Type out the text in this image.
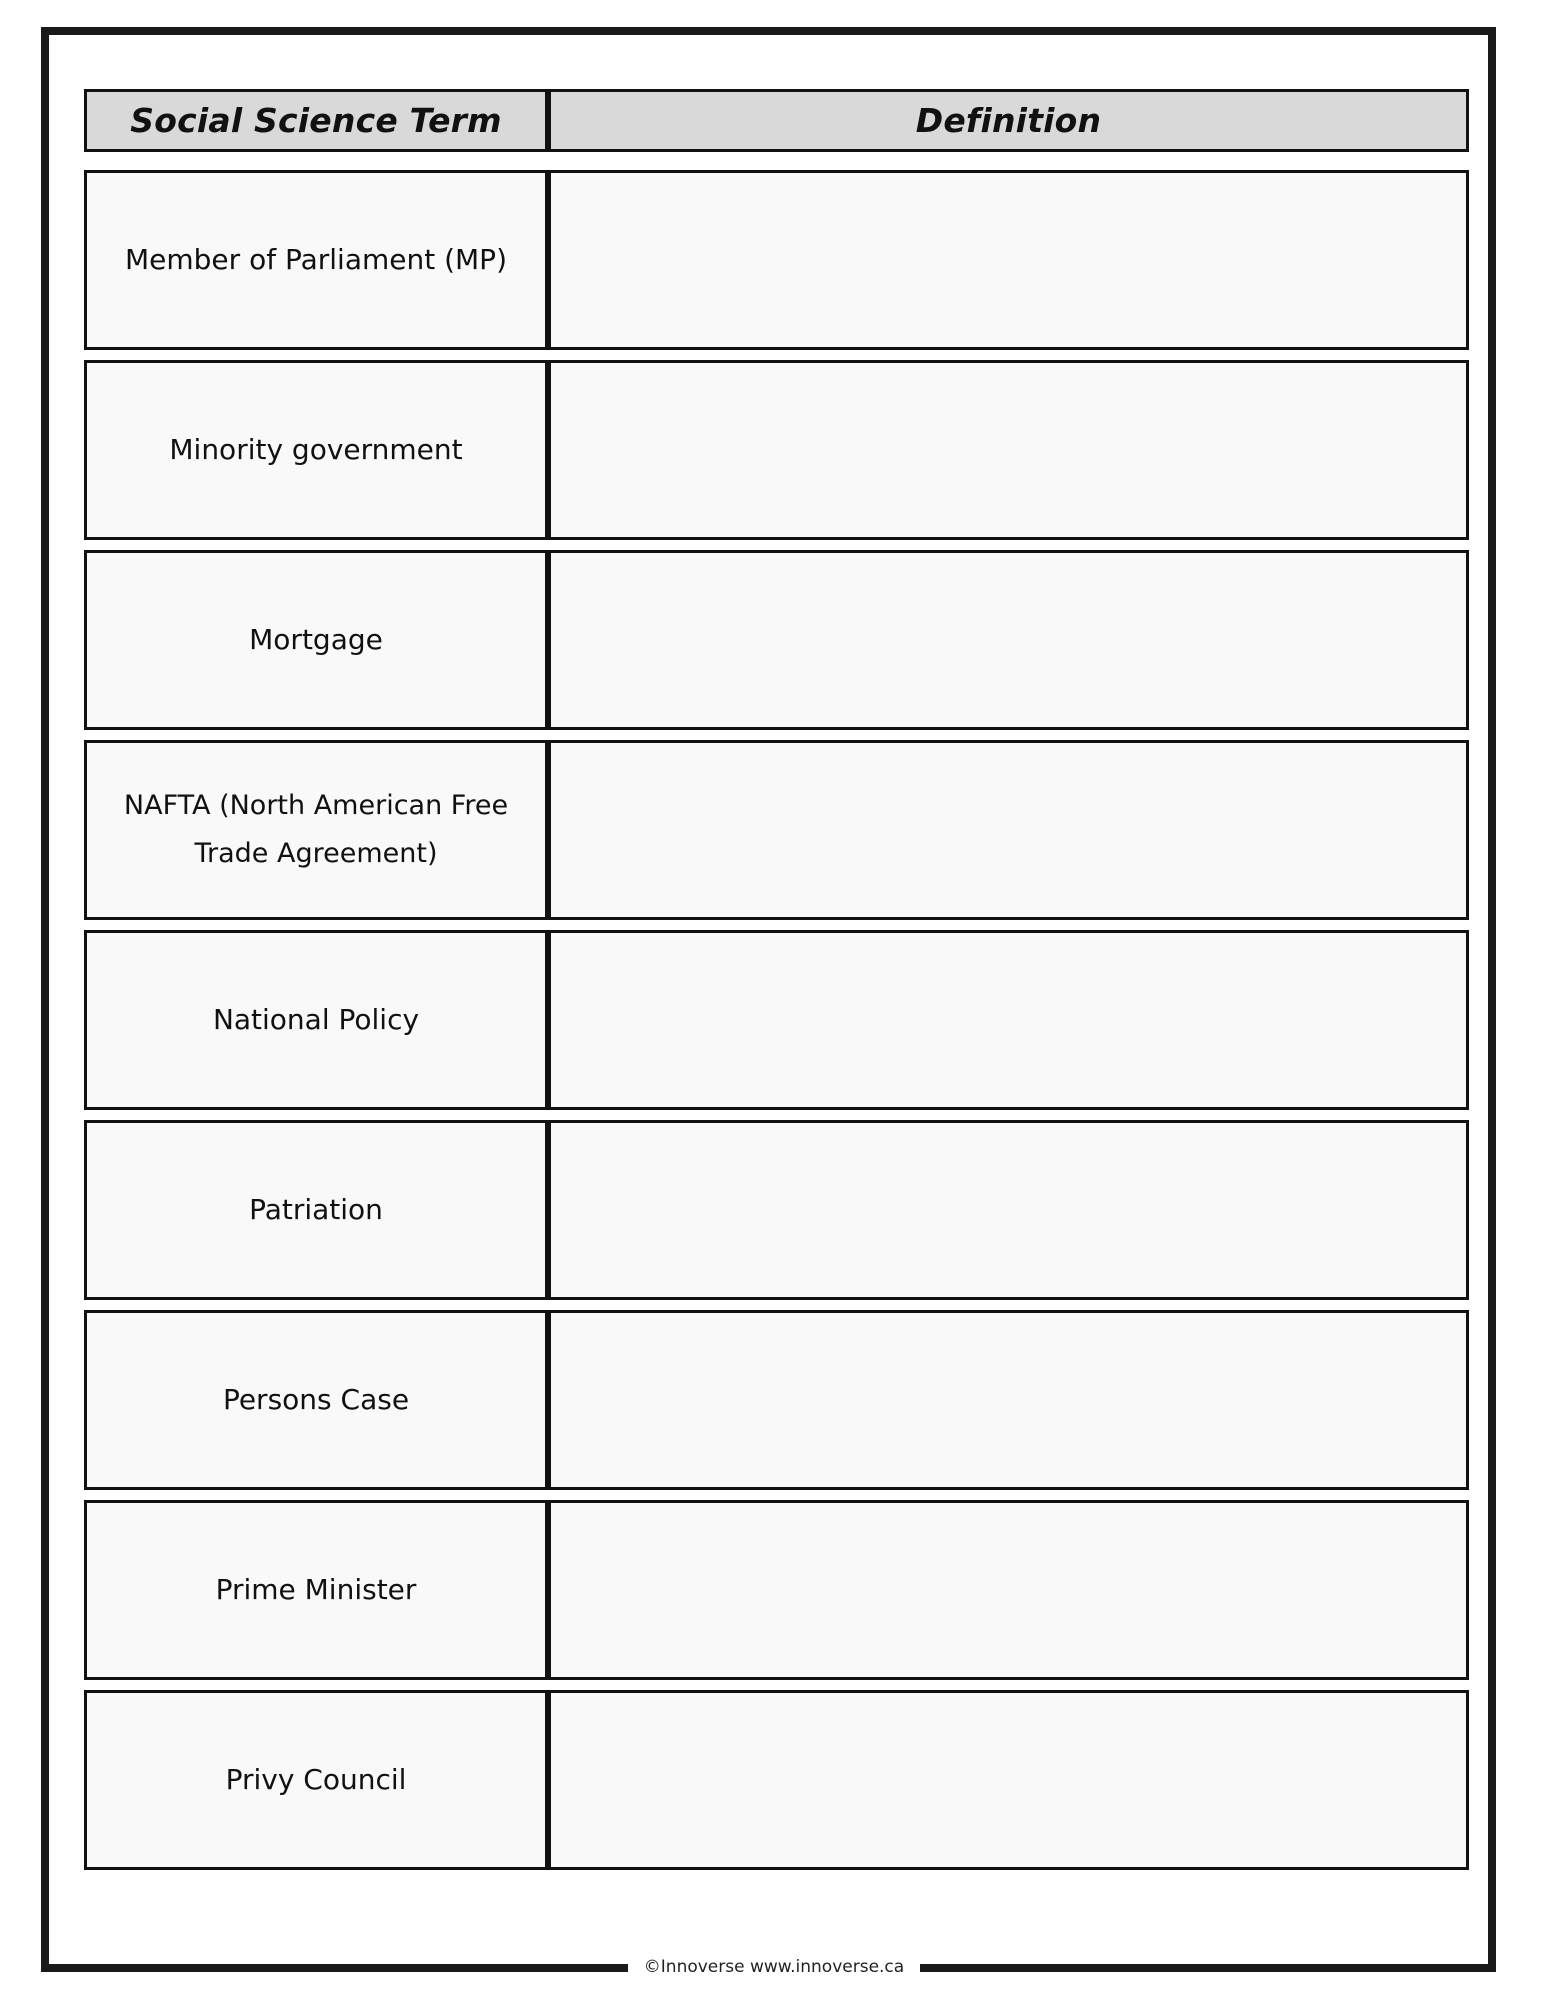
Social Science Term	Definition
Member of Parliament (MP)
Minority government
Mortgage
NAFTA (North American Free Trade Agreement)
National Policy
Patriation
Persons Case
Prime Minister
Privy Council
©Innoverse www.innoverse.ca
